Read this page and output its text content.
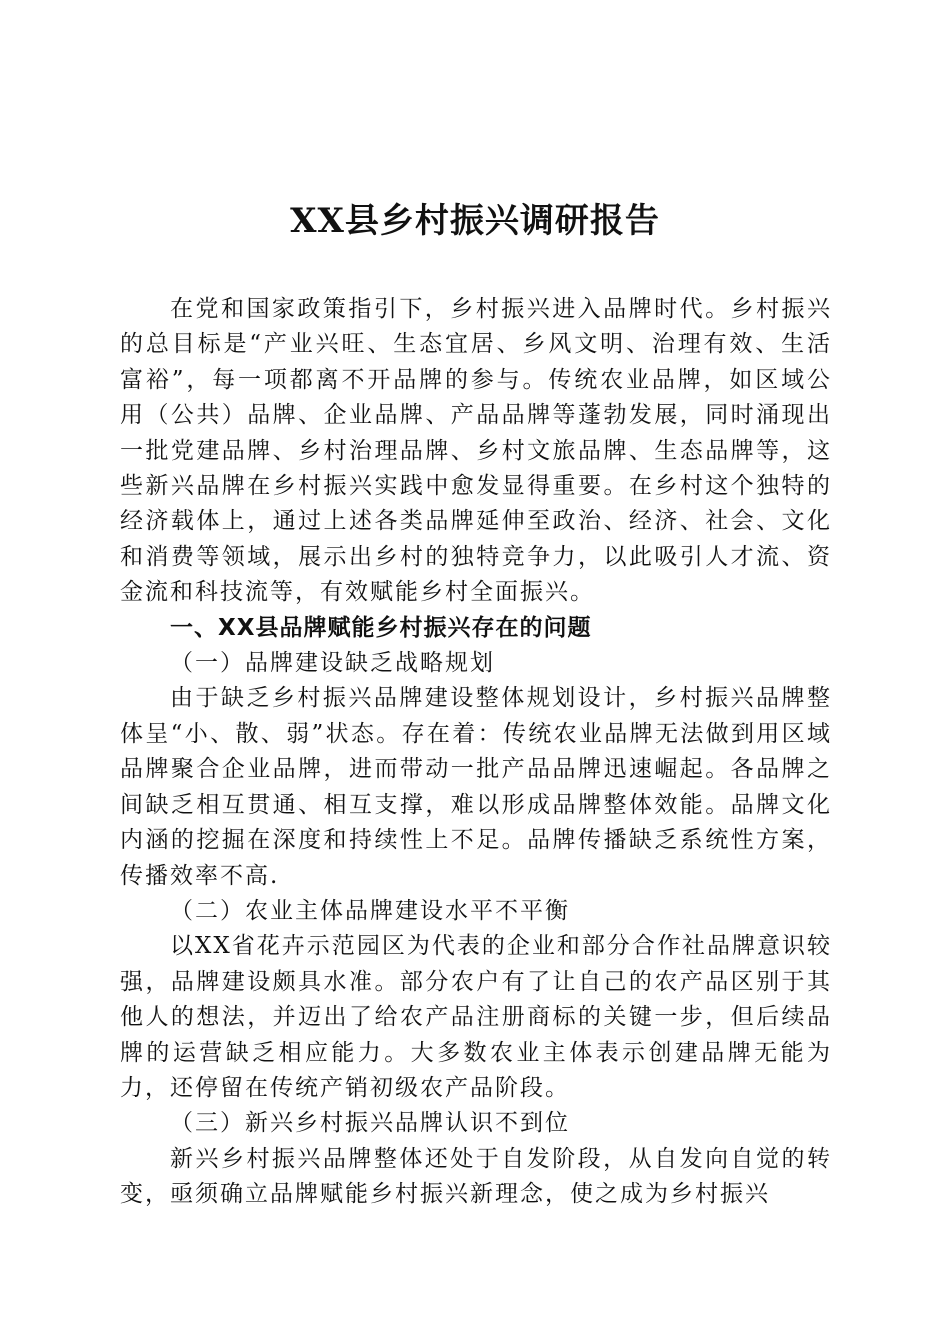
XX县乡村振兴调研报告

在党和国家政策指引下，乡村振兴进入品牌时代。乡村振兴的总目标是“产业兴旺、生态宜居、乡风文明、治理有效、生活富裕”，每一项都离不开品牌的参与。传统农业品牌，如区域公用（公共）品牌、企业品牌、产品品牌等蓬勃发展，同时涌现出一批党建品牌、乡村治理品牌、乡村文旅品牌、生态品牌等，这些新兴品牌在乡村振兴实践中愈发显得重要。在乡村这个独特的经济载体上，通过上述各类品牌延伸至政治、经济、社会、文化和消费等领域，展示出乡村的独特竞争力，以此吸引人才流、资金流和科技流等，有效赋能乡村全面振兴。

一、XX县品牌赋能乡村振兴存在的问题

（一）品牌建设缺乏战略规划

由于缺乏乡村振兴品牌建设整体规划设计，乡村振兴品牌整体呈“小、散、弱”状态。存在着：传统农业品牌无法做到用区域品牌聚合企业品牌，进而带动一批产品品牌迅速崛起。各品牌之间缺乏相互贯通、相互支撑，难以形成品牌整体效能。品牌文化内涵的挖掘在深度和持续性上不足。品牌传播缺乏系统性方案，传播效率不高.

（二）农业主体品牌建设水平不平衡

以XX省花卉示范园区为代表的企业和部分合作社品牌意识较强，品牌建设颇具水准。部分农户有了让自己的农产品区别于其他人的想法，并迈出了给农产品注册商标的关键一步，但后续品牌的运营缺乏相应能力。大多数农业主体表示创建品牌无能为力，还停留在传统产销初级农产品阶段。

（三）新兴乡村振兴品牌认识不到位

新兴乡村振兴品牌整体还处于自发阶段，从自发向自觉的转变，亟须确立品牌赋能乡村振兴新理念，使之成为乡村振兴
